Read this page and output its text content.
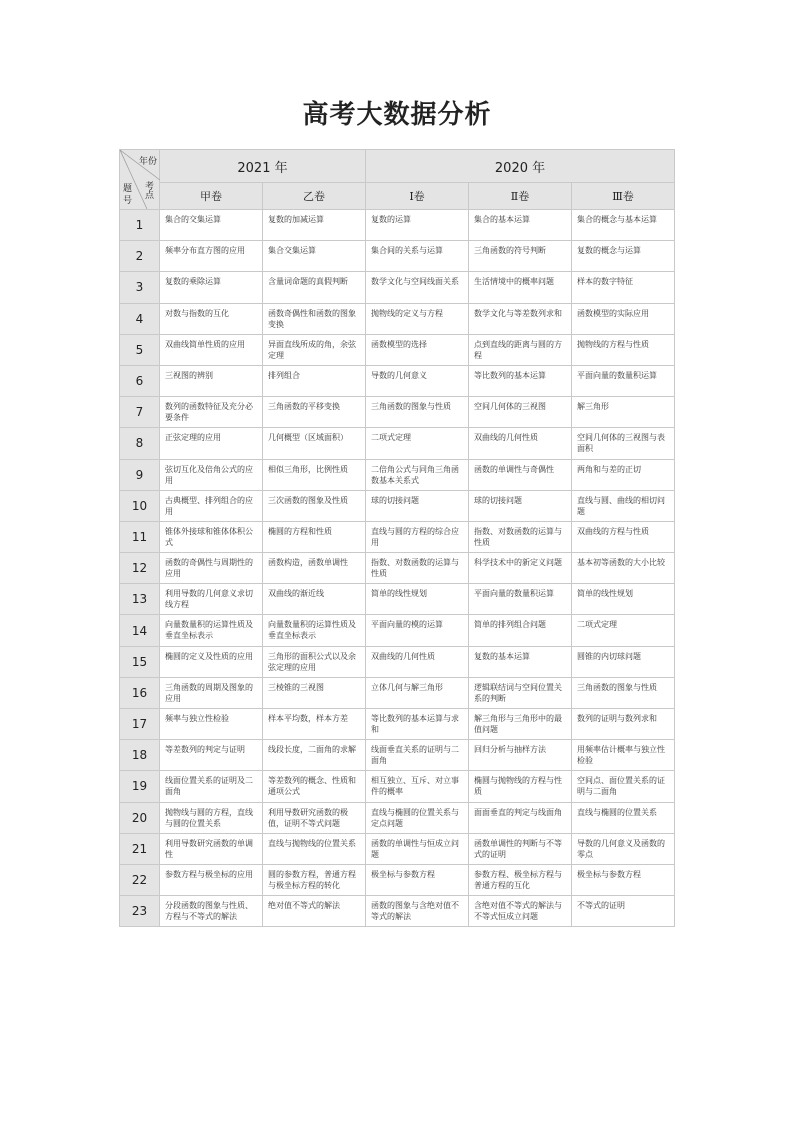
高考大数据分析
年份
考点
题号	2021 年		2020 年		
	甲卷	乙卷	Ⅰ卷	Ⅱ卷	Ⅲ卷
1	集合的交集运算	复数的加减运算	复数的运算	集合的基本运算	集合的概念与基本运算
2	频率分布直方图的应用	集合交集运算	集合间的关系与运算	三角函数的符号判断	复数的概念与运算
3	复数的乘除运算	含量词命题的真假判断	数学文化与空间线面关系	生活情境中的概率问题	样本的数字特征
4	对数与指数的互化	函数奇偶性和函数的图象变换	抛物线的定义与方程	数学文化与等差数列求和	函数模型的实际应用
5	双曲线简单性质的应用	异面直线所成的角，余弦定理	函数模型的选择	点到直线的距离与圆的方程	抛物线的方程与性质
6	三视图的辨别	排列组合	导数的几何意义	等比数列的基本运算	平面向量的数量积运算
7	数列的函数特征及充分必要条件	三角函数的平移变换	三角函数的图象与性质	空间几何体的三视图	解三角形
8	正弦定理的应用	几何概型（区域面积）	二项式定理	双曲线的几何性质	空间几何体的三视图与表面积
9	弦切互化及倍角公式的应用	相似三角形，比例性质	二倍角公式与同角三角函数基本关系式	函数的单调性与奇偶性	两角和与差的正切
10	古典概型、排列组合的应用	三次函数的图象及性质	球的切接问题	球的切接问题	直线与圆、曲线的相切问题
11	锥体外接球和锥体体积公式	椭圆的方程和性质	直线与圆的方程的综合应用	指数、对数函数的运算与性质	双曲线的方程与性质
12	函数的奇偶性与周期性的应用	函数构造，函数单调性	指数、对数函数的运算与性质	科学技术中的新定义问题	基本初等函数的大小比较
13	利用导数的几何意义求切线方程	双曲线的渐近线	简单的线性规划	平面向量的数量积运算	简单的线性规划
14	向量数量积的运算性质及垂直坐标表示	向量数量积的运算性质及垂直坐标表示	平面向量的模的运算	简单的排列组合问题	二项式定理
15	椭圆的定义及性质的应用	三角形的面积公式以及余弦定理的应用	双曲线的几何性质	复数的基本运算	圆锥的内切球问题
16	三角函数的周期及图象的应用	三棱锥的三视图	立体几何与解三角形	逻辑联结词与空间位置关系的判断	三角函数的图象与性质
17	频率与独立性检验	样本平均数，样本方差	等比数列的基本运算与求和	解三角形与三角形中的最值问题	数列的证明与数列求和
18	等差数列的判定与证明	线段长度，二面角的求解	线面垂直关系的证明与二面角	回归分析与抽样方法	用频率估计概率与独立性检验
19	线面位置关系的证明及二面角	等差数列的概念、性质和通项公式	相互独立、互斥、对立事件的概率	椭圆与抛物线的方程与性质	空间点、面位置关系的证明与二面角
20	抛物线与圆的方程，直线与圆的位置关系	利用导数研究函数的极值，证明不等式问题	直线与椭圆的位置关系与定点问题	面面垂直的判定与线面角	直线与椭圆的位置关系
21	利用导数研究函数的单调性	直线与抛物线的位置关系	函数的单调性与恒成立问题	函数单调性的判断与不等式的证明	导数的几何意义及函数的零点
22	参数方程与极坐标的应用	圆的参数方程，普通方程与极坐标方程的转化	极坐标与参数方程	参数方程、极坐标方程与普通方程的互化	极坐标与参数方程
23	分段函数的图象与性质、方程与不等式的解法	绝对值不等式的解法	函数的图象与含绝对值不等式的解法	含绝对值不等式的解法与不等式恒成立问题	不等式的证明
